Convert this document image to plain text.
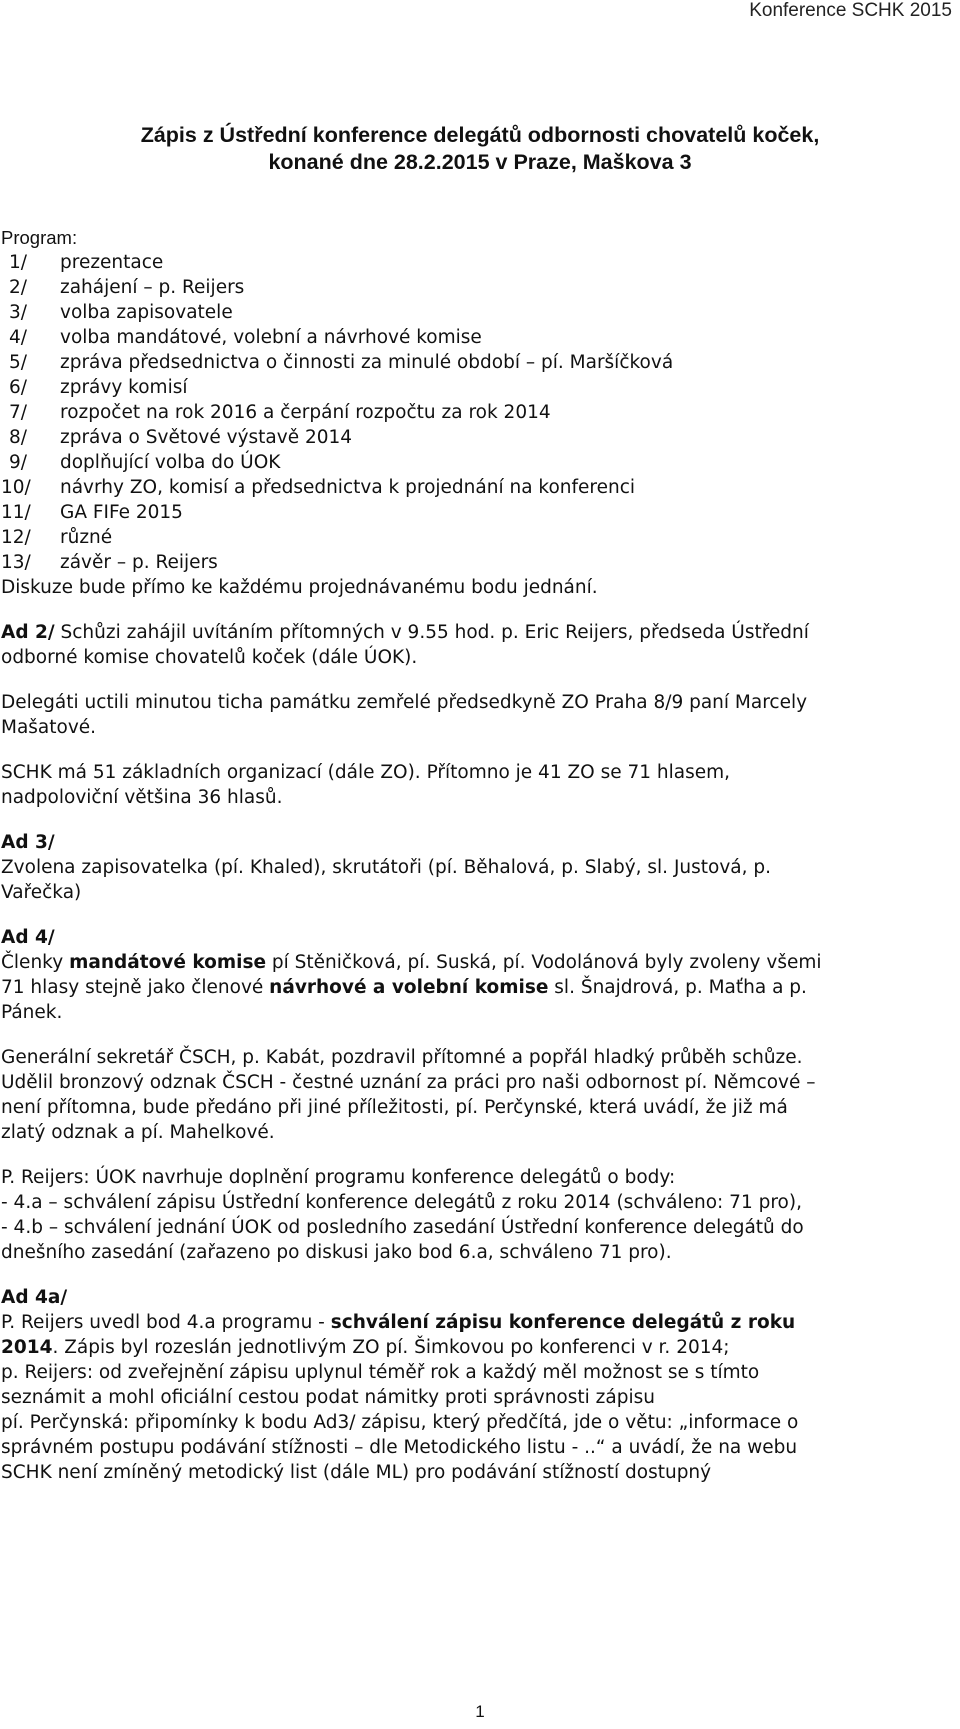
Konference SCHK 2015
Zápis z Ústřední konference delegátů odbornosti chovatelů koček,
konané dne 28.2.2015 v Praze, Maškova 3
Program:
1/	prezentace
2/	zahájení – p. Reijers
3/	volba zapisovatele
4/	volba mandátové, volební a návrhové komise
5/	zpráva předsednictva o činnosti za minulé období – pí. Maršíčková
6/	zprávy komisí
7/	rozpočet na rok 2016 a čerpání rozpočtu za rok 2014
8/	zpráva o Světové výstavě 2014
9/	doplňující volba do ÚOK
10/	návrhy ZO, komisí a předsednictva k projednání na konferenci
11/	GA FIFe 2015
12/	různé
13/	závěr – p. Reijers
Diskuze bude přímo ke každému projednávanému bodu jednání.
Ad 2/ Schůzi zahájil uvítáním přítomných v 9.55 hod. p. Eric Reijers, předseda Ústřední
odborné komise chovatelů koček (dále ÚOK).
Delegáti uctili minutou ticha památku zemřelé předsedkyně ZO Praha 8/9 paní Marcely
Mašatové.
SCHK má 51 základních organizací (dále ZO). Přítomno je 41 ZO se 71 hlasem,
nadpoloviční většina 36 hlasů.
Ad 3/
Zvolena zapisovatelka (pí. Khaled), skrutátoři (pí. Běhalová, p. Slabý, sl. Justová, p.
Vařečka)
Ad 4/
Členky mandátové komise pí Stěničková, pí. Suská, pí. Vodolánová byly zvoleny všemi
71 hlasy stejně jako členové návrhové a volební komise sl. Šnajdrová, p. Maťha a p.
Pánek.
Generální sekretář ČSCH, p. Kabát, pozdravil přítomné a popřál hladký průběh schůze.
Udělil bronzový odznak ČSCH - čestné uznání za práci pro naši odbornost pí. Němcové –
není přítomna, bude předáno při jiné příležitosti, pí. Perčynské, která uvádí, že již má
zlatý odznak a pí. Mahelkové.
P. Reijers: ÚOK navrhuje doplnění programu konference delegátů o body:
- 4.a – schválení zápisu Ústřední konference delegátů z roku 2014 (schváleno: 71 pro),
- 4.b – schválení jednání ÚOK od posledního zasedání Ústřední konference delegátů do
dnešního zasedání (zařazeno po diskusi jako bod 6.a, schváleno 71 pro).
Ad 4a/
P. Reijers uvedl bod 4.a programu - schválení zápisu konference delegátů z roku
2014. Zápis byl rozeslán jednotlivým ZO pí. Šimkovou po konferenci v r. 2014;
p. Reijers: od zveřejnění zápisu uplynul téměř rok a každý měl možnost se s tímto
seznámit a mohl oficiální cestou podat námitky proti správnosti zápisu
pí. Perčynská: připomínky k bodu Ad3/ zápisu, který předčítá, jde o větu: „informace o
správném postupu podávání stížnosti – dle Metodického listu - ..“ a uvádí, že na webu
SCHK není zmíněný metodický list (dále ML) pro podávání stížností dostupný
1
